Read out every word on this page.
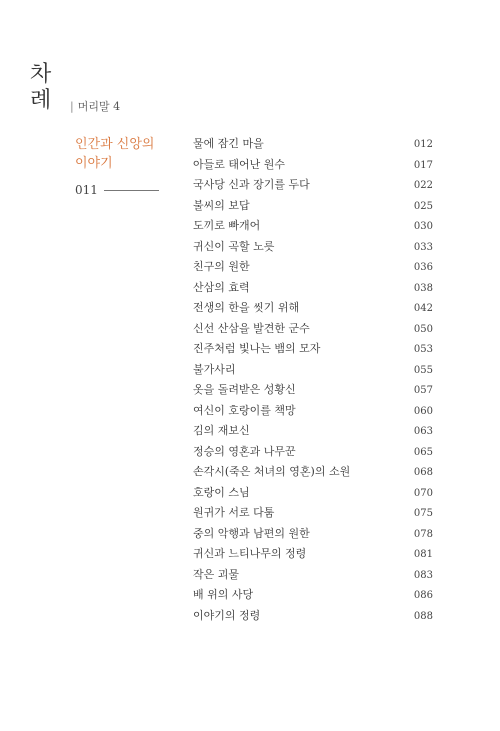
차
례 | 머리말 4
인간과 신앙의
이야기
011
물에 잠긴 마을	012
아들로 태어난 원수	017
국사당 신과 장기를 두다	022
불씨의 보답	025
도끼로 빠개어	030
귀신이 곡할 노릇	033
친구의 원한	036
산삼의 효력	038
전생의 한을 씻기 위해	042
신선 산삼을 발견한 군수	050
진주처럼 빛나는 뱀의 모자	053
불가사리	055
옷을 돌려받은 성황신	057
여신이 호랑이를 책망	060
김의 재보신	063
정승의 영혼과 나무꾼	065
손각시(죽은 처녀의 영혼)의 소원	068
호랑이 스님	070
원귀가 서로 다툼	075
중의 악행과 남편의 원한	078
귀신과 느티나무의 정령	081
작은 괴물	083
배 위의 사당	086
이야기의 정령	088
